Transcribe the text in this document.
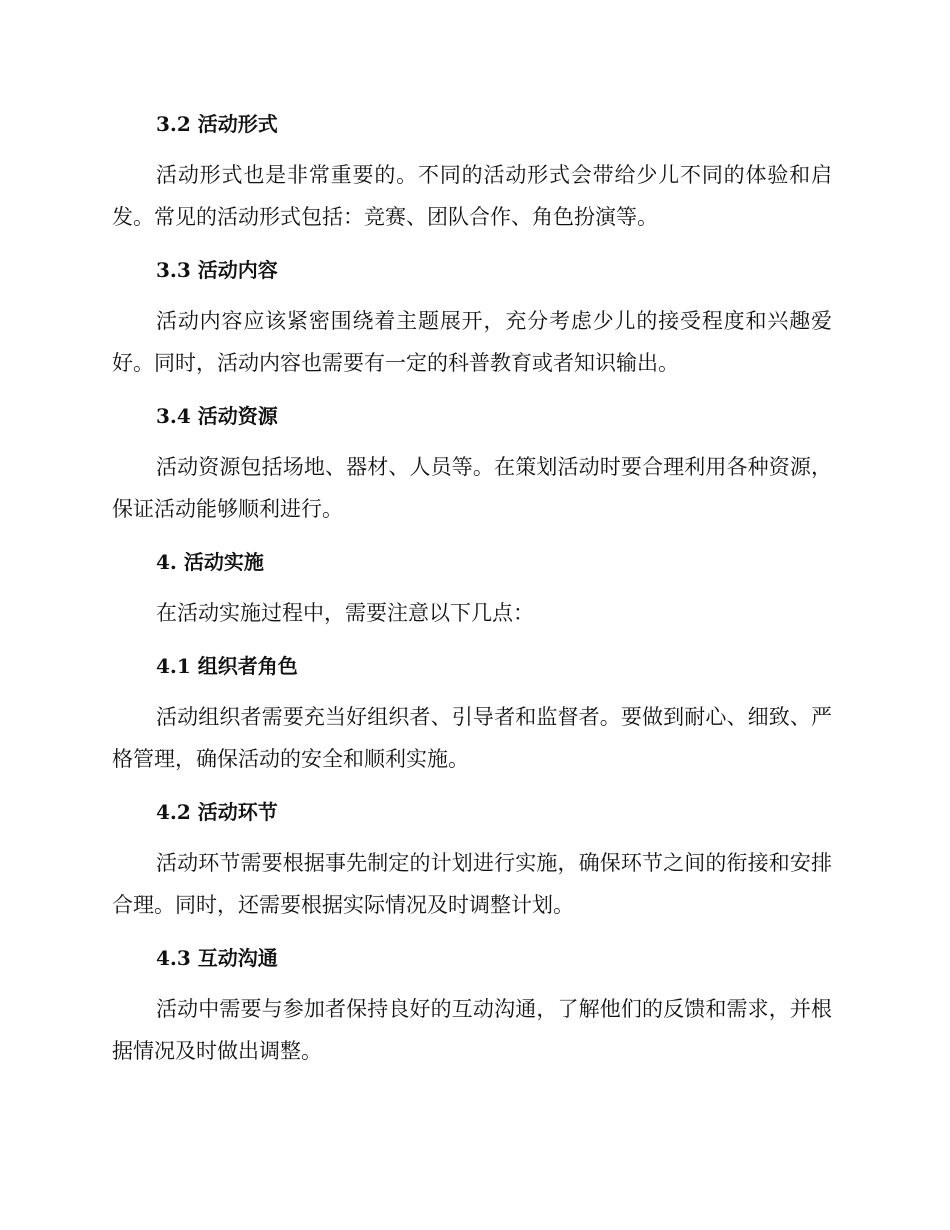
3.2 活动形式

活动形式也是非常重要的。不同的活动形式会带给少儿不同的体验和启发。常见的活动形式包括：竞赛、团队合作、角色扮演等。

3.3 活动内容

活动内容应该紧密围绕着主题展开，充分考虑少儿的接受程度和兴趣爱好。同时，活动内容也需要有一定的科普教育或者知识输出。

3.4 活动资源

活动资源包括场地、器材、人员等。在策划活动时要合理利用各种资源，保证活动能够顺利进行。

4. 活动实施

在活动实施过程中，需要注意以下几点：

4.1 组织者角色

活动组织者需要充当好组织者、引导者和监督者。要做到耐心、细致、严格管理，确保活动的安全和顺利实施。

4.2 活动环节

活动环节需要根据事先制定的计划进行实施，确保环节之间的衔接和安排合理。同时，还需要根据实际情况及时调整计划。

4.3 互动沟通

活动中需要与参加者保持良好的互动沟通，了解他们的反馈和需求，并根据情况及时做出调整。
